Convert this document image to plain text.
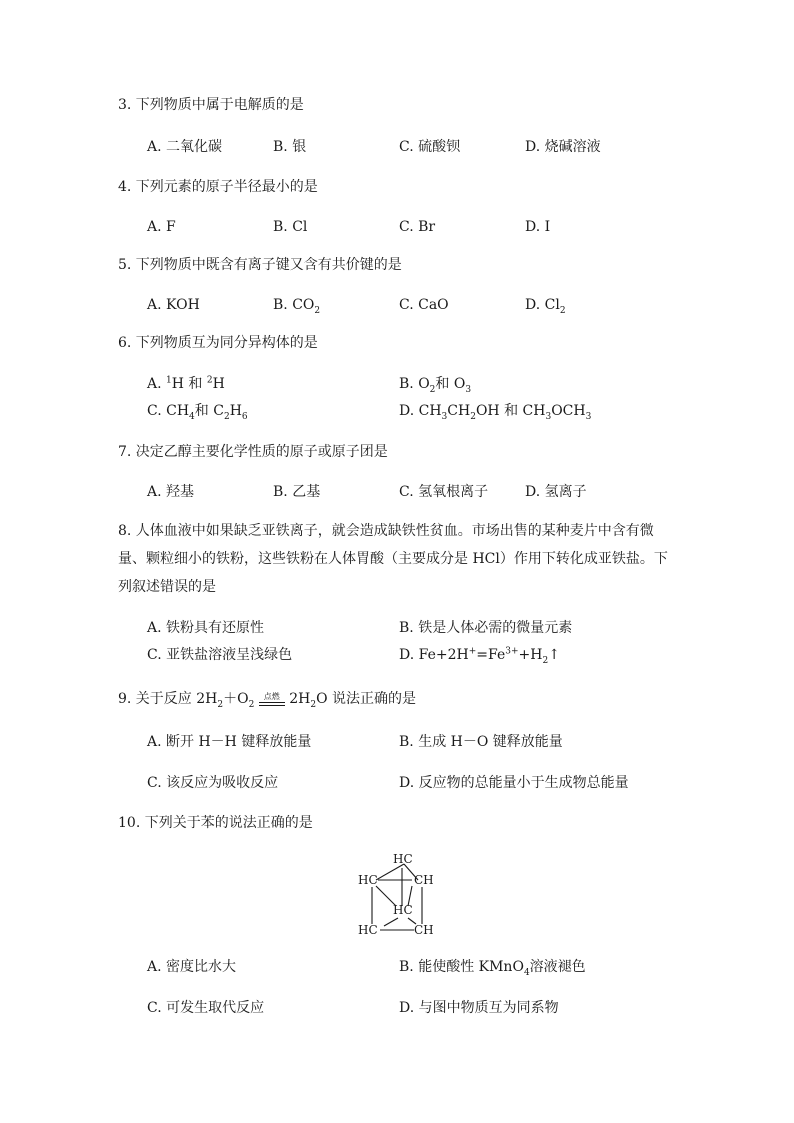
3. 下列物质中属于电解质的是
A. 二氧化碳	B. 银	C. 硫酸钡	D. 烧碱溶液
4. 下列元素的原子半径最小的是
A. F	B. Cl	C. Br	D. I
5. 下列物质中既含有离子键又含有共价键的是
A. KOH	B. $CO_2$	C. CaO	D. $Cl_2$
6. 下列物质互为同分异构体的是
A. $^1$H 和 $^2$H	B. $O_2$和 $O_3$
C. $CH_4$和 $C_2H_6$	D. $CH_3CH_2OH$ 和 $CH_3OCH_3$
7. 决定乙醇主要化学性质的原子或原子团是
A. 羟基	B. 乙基	C. 氢氧根离子	D. 氢离子
8. 人体血液中如果缺乏亚铁离子，就会造成缺铁性贫血。市场出售的某种麦片中含有微量、颗粒细小的铁粉，这些铁粉在人体胃酸（主要成分是 HCl）作用下转化成亚铁盐。下列叙述错误的是
A. 铁粉具有还原性	B. 铁是人体必需的微量元素
C. 亚铁盐溶液呈浅绿色	D. $Fe+2H^+=Fe^{3+}+H_2↑$
9. 关于反应 $2H_2+O_2$
点燃 $2H_2O$ 说法正确的是
A. 断开 H－H 键释放能量	B. 生成 H－O 键释放能量
C. 该反应为吸收反应	D. 反应物的总能量小于生成物总能量
10. 下列关于苯的说法正确的是
HC
HC	CH
HC
HC	CH
A. 密度比水大	B. 能使酸性 KMnO$_4$溶液褪色
C. 可发生取代反应	D. 与图中物质互为同系物
